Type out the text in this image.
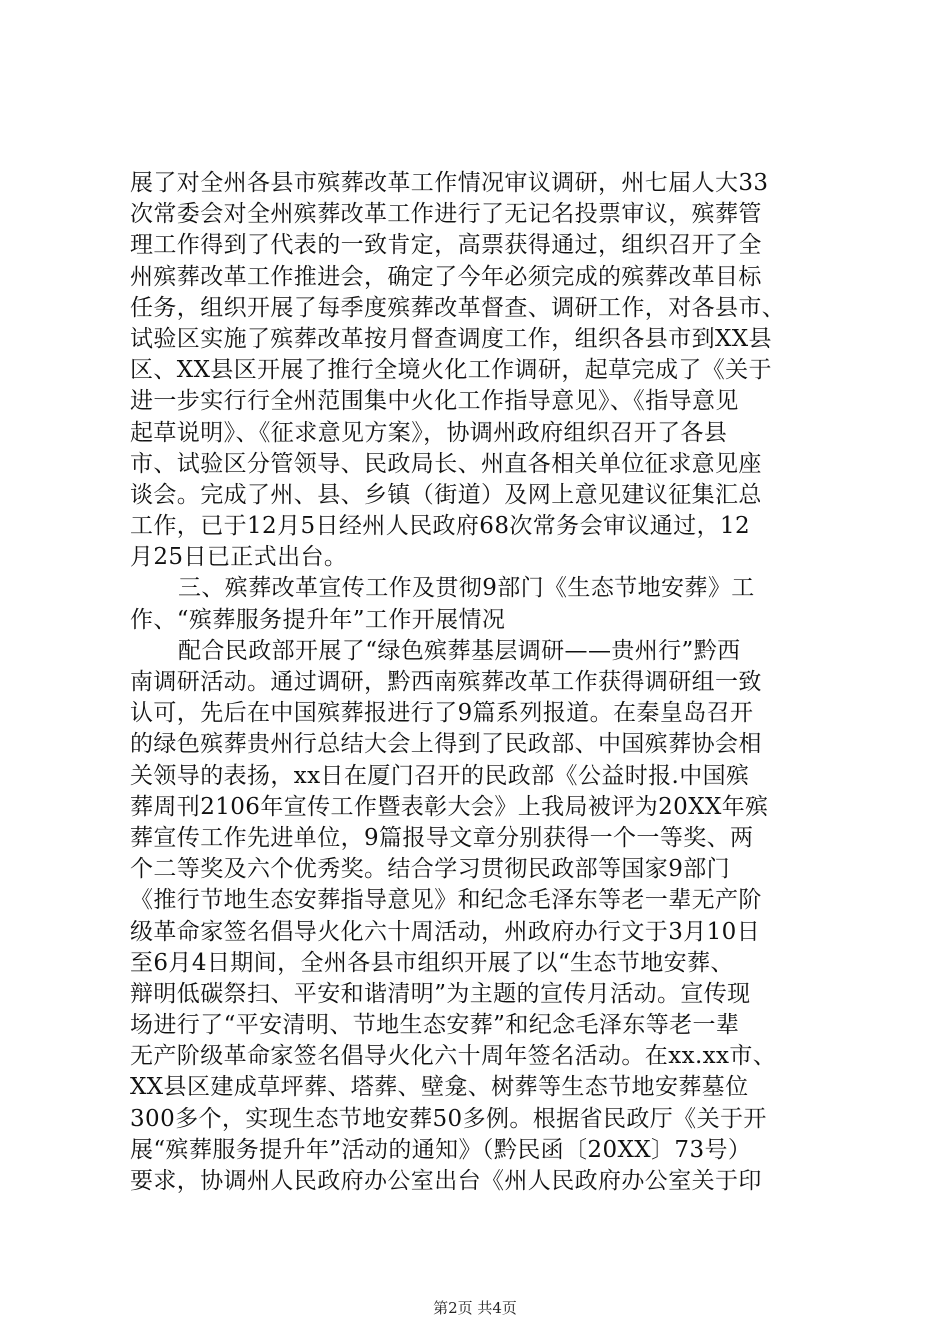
展了对全州各县市殡葬改革工作情况审议调研，州七届人大33
次常委会对全州殡葬改革工作进行了无记名投票审议，殡葬管
理工作得到了代表的一致肯定，高票获得通过，组织召开了全
州殡葬改革工作推进会，确定了今年必须完成的殡葬改革目标
任务，组织开展了每季度殡葬改革督查、调研工作，对各县市、
试验区实施了殡葬改革按月督查调度工作，组织各县市到XX县
区、XX县区开展了推行全境火化工作调研，起草完成了《关于
进一步实行行全州范围集中火化工作指导意见》、《指导意见
起草说明》、《征求意见方案》，协调州政府组织召开了各县
市、试验区分管领导、民政局长、州直各相关单位征求意见座
谈会。完成了州、县、乡镇（街道）及网上意见建议征集汇总
工作，已于12月5日经州人民政府68次常务会审议通过，12
月25日已正式出台。
三、殡葬改革宣传工作及贯彻9部门《生态节地安葬》工
作、“殡葬服务提升年”工作开展情况
配合民政部开展了“绿色殡葬基层调研——贵州行”黔西
南调研活动。通过调研，黔西南殡葬改革工作获得调研组一致
认可，先后在中国殡葬报进行了9篇系列报道。在秦皇岛召开
的绿色殡葬贵州行总结大会上得到了民政部、中国殡葬协会相
关领导的表扬，xx日在厦门召开的民政部《公益时报.中国殡
葬周刊2106年宣传工作暨表彰大会》上我局被评为20XX年殡
葬宣传工作先进单位，9篇报导文章分别获得一个一等奖、两
个二等奖及六个优秀奖。结合学习贯彻民政部等国家9部门
《推行节地生态安葬指导意见》和纪念毛泽东等老一辈无产阶
级革命家签名倡导火化六十周活动，州政府办行文于3月10日
至6月4日期间，全州各县市组织开展了以“生态节地安葬、
辩明低碳祭扫、平安和谐清明”为主题的宣传月活动。宣传现
场进行了“平安清明、节地生态安葬”和纪念毛泽东等老一辈
无产阶级革命家签名倡导火化六十周年签名活动。在xx.xx市、
XX县区建成草坪葬、塔葬、壁龛、树葬等生态节地安葬墓位
300多个，实现生态节地安葬50多例。根据省民政厅《关于开
展“殡葬服务提升年”活动的通知》（黔民函〔20XX〕73号）
要求，协调州人民政府办公室出台《州人民政府办公室关于印
第2页 共4页
